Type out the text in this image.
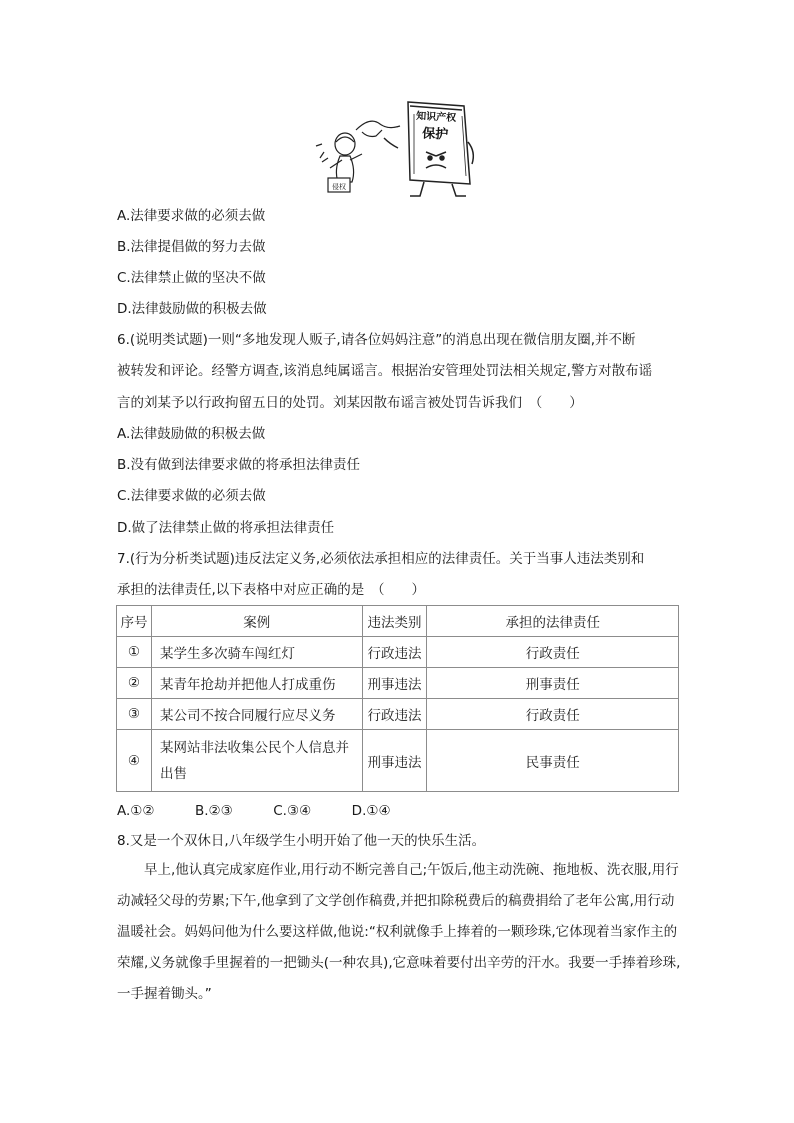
侵权
知识产权
保护
A.法律要求做的必须去做
B.法律提倡做的努力去做
C.法律禁止做的坚决不做
D.法律鼓励做的积极去做
6.(说明类试题)一则“多地发现人贩子,请各位妈妈注意”的消息出现在微信朋友圈,并不断
被转发和评论。经警方调查,该消息纯属谣言。根据治安管理处罚法相关规定,警方对散布谣
言的刘某予以行政拘留五日的处罚。刘某因散布谣言被处罚告诉我们　（　　）
A.法律鼓励做的积极去做
B.没有做到法律要求做的将承担法律责任
C.法律要求做的必须去做
D.做了法律禁止做的将承担法律责任
7.(行为分析类试题)违反法定义务,必须依法承担相应的法律责任。关于当事人违法类别和
承担的法律责任,以下表格中对应正确的是　（　　）
序号	案例	违法类别	承担的法律责任
①	某学生多次骑车闯红灯	行政违法	行政责任
②	某青年抢劫并把他人打成重伤	刑事违法	刑事责任
③	某公司不按合同履行应尽义务	行政违法	行政责任
④	某网站非法收集公民个人信息并
出售	刑事违法	民事责任
A.①②　　　B.②③　　　C.③④　　　D.①④
8.又是一个双休日,八年级学生小明开始了他一天的快乐生活。
早上,他认真完成家庭作业,用行动不断完善自己;午饭后,他主动洗碗、拖地板、洗衣服,用行动减轻父母的劳累;下午,他拿到了文学创作稿费,并把扣除税费后的稿费捐给了老年公寓,用行动温暖社会。妈妈问他为什么要这样做,他说:“权利就像手上捧着的一颗珍珠,它体现着当家作主的荣耀,义务就像手里握着的一把锄头(一种农具),它意味着要付出辛劳的汗水。我要一手捧着珍珠,一手握着锄头。”
